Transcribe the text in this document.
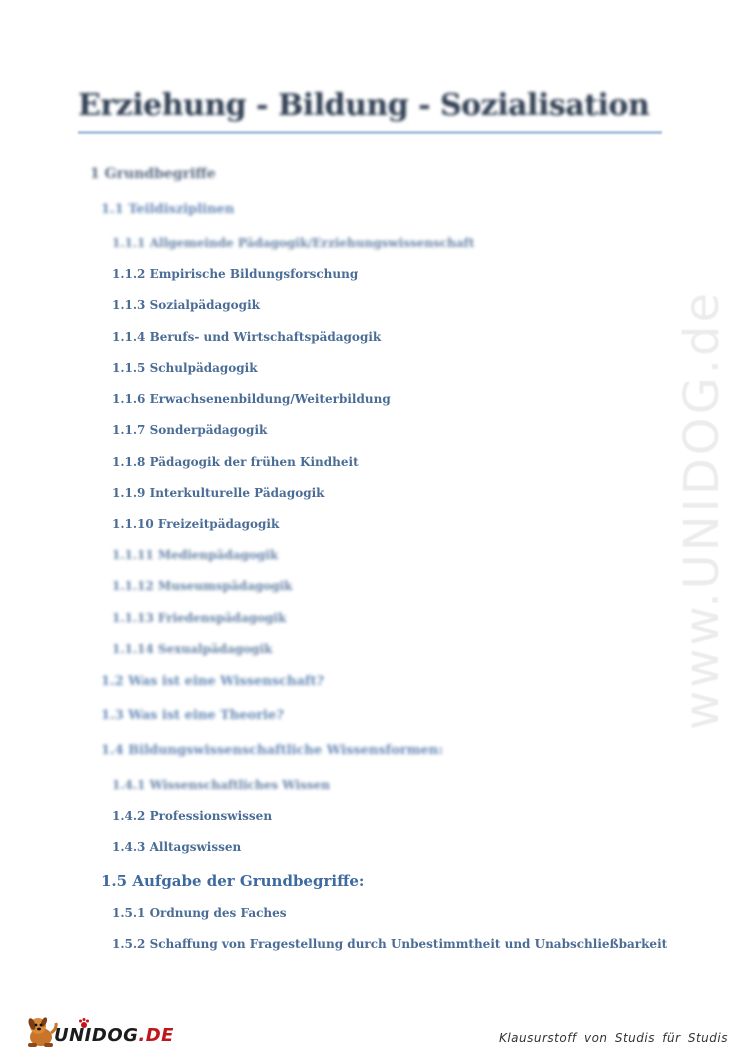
Erziehung - Bildung - Sozialisation
1 Grundbegriffe
1.1 Teildisziplinen
1.1.1 Allgemeinde Pädagogik/Erziehungswissenschaft
1.1.2 Empirische Bildungsforschung
1.1.3 Sozialpädagogik
1.1.4 Berufs- und Wirtschaftspädagogik
1.1.5 Schulpädagogik
1.1.6 Erwachsenenbildung/Weiterbildung
1.1.7 Sonderpädagogik
1.1.8 Pädagogik der frühen Kindheit
1.1.9 Interkulturelle Pädagogik
1.1.10 Freizeitpädagogik
1.1.11 Medienpädagogik
1.1.12 Museumspädagogik
1.1.13 Friedenspädagogik
1.1.14 Sexualpädagogik
1.2 Was ist eine Wissenschaft?
1.3 Was ist eine Theorie?
1.4 Bildungswissenschaftliche Wissensformen:
1.4.1 Wissenschaftliches Wissen
1.4.2 Professionswissen
1.4.3 Alltagswissen
1.5 Aufgabe der Grundbegriffe:
1.5.1 Ordnung des Faches
1.5.2 Schaffung von Fragestellung durch Unbestimmtheit und Unabschließbarkeit
www.UNIDOG.de
UNIDOG.DE	Klausurstoff von Studis für Studis
